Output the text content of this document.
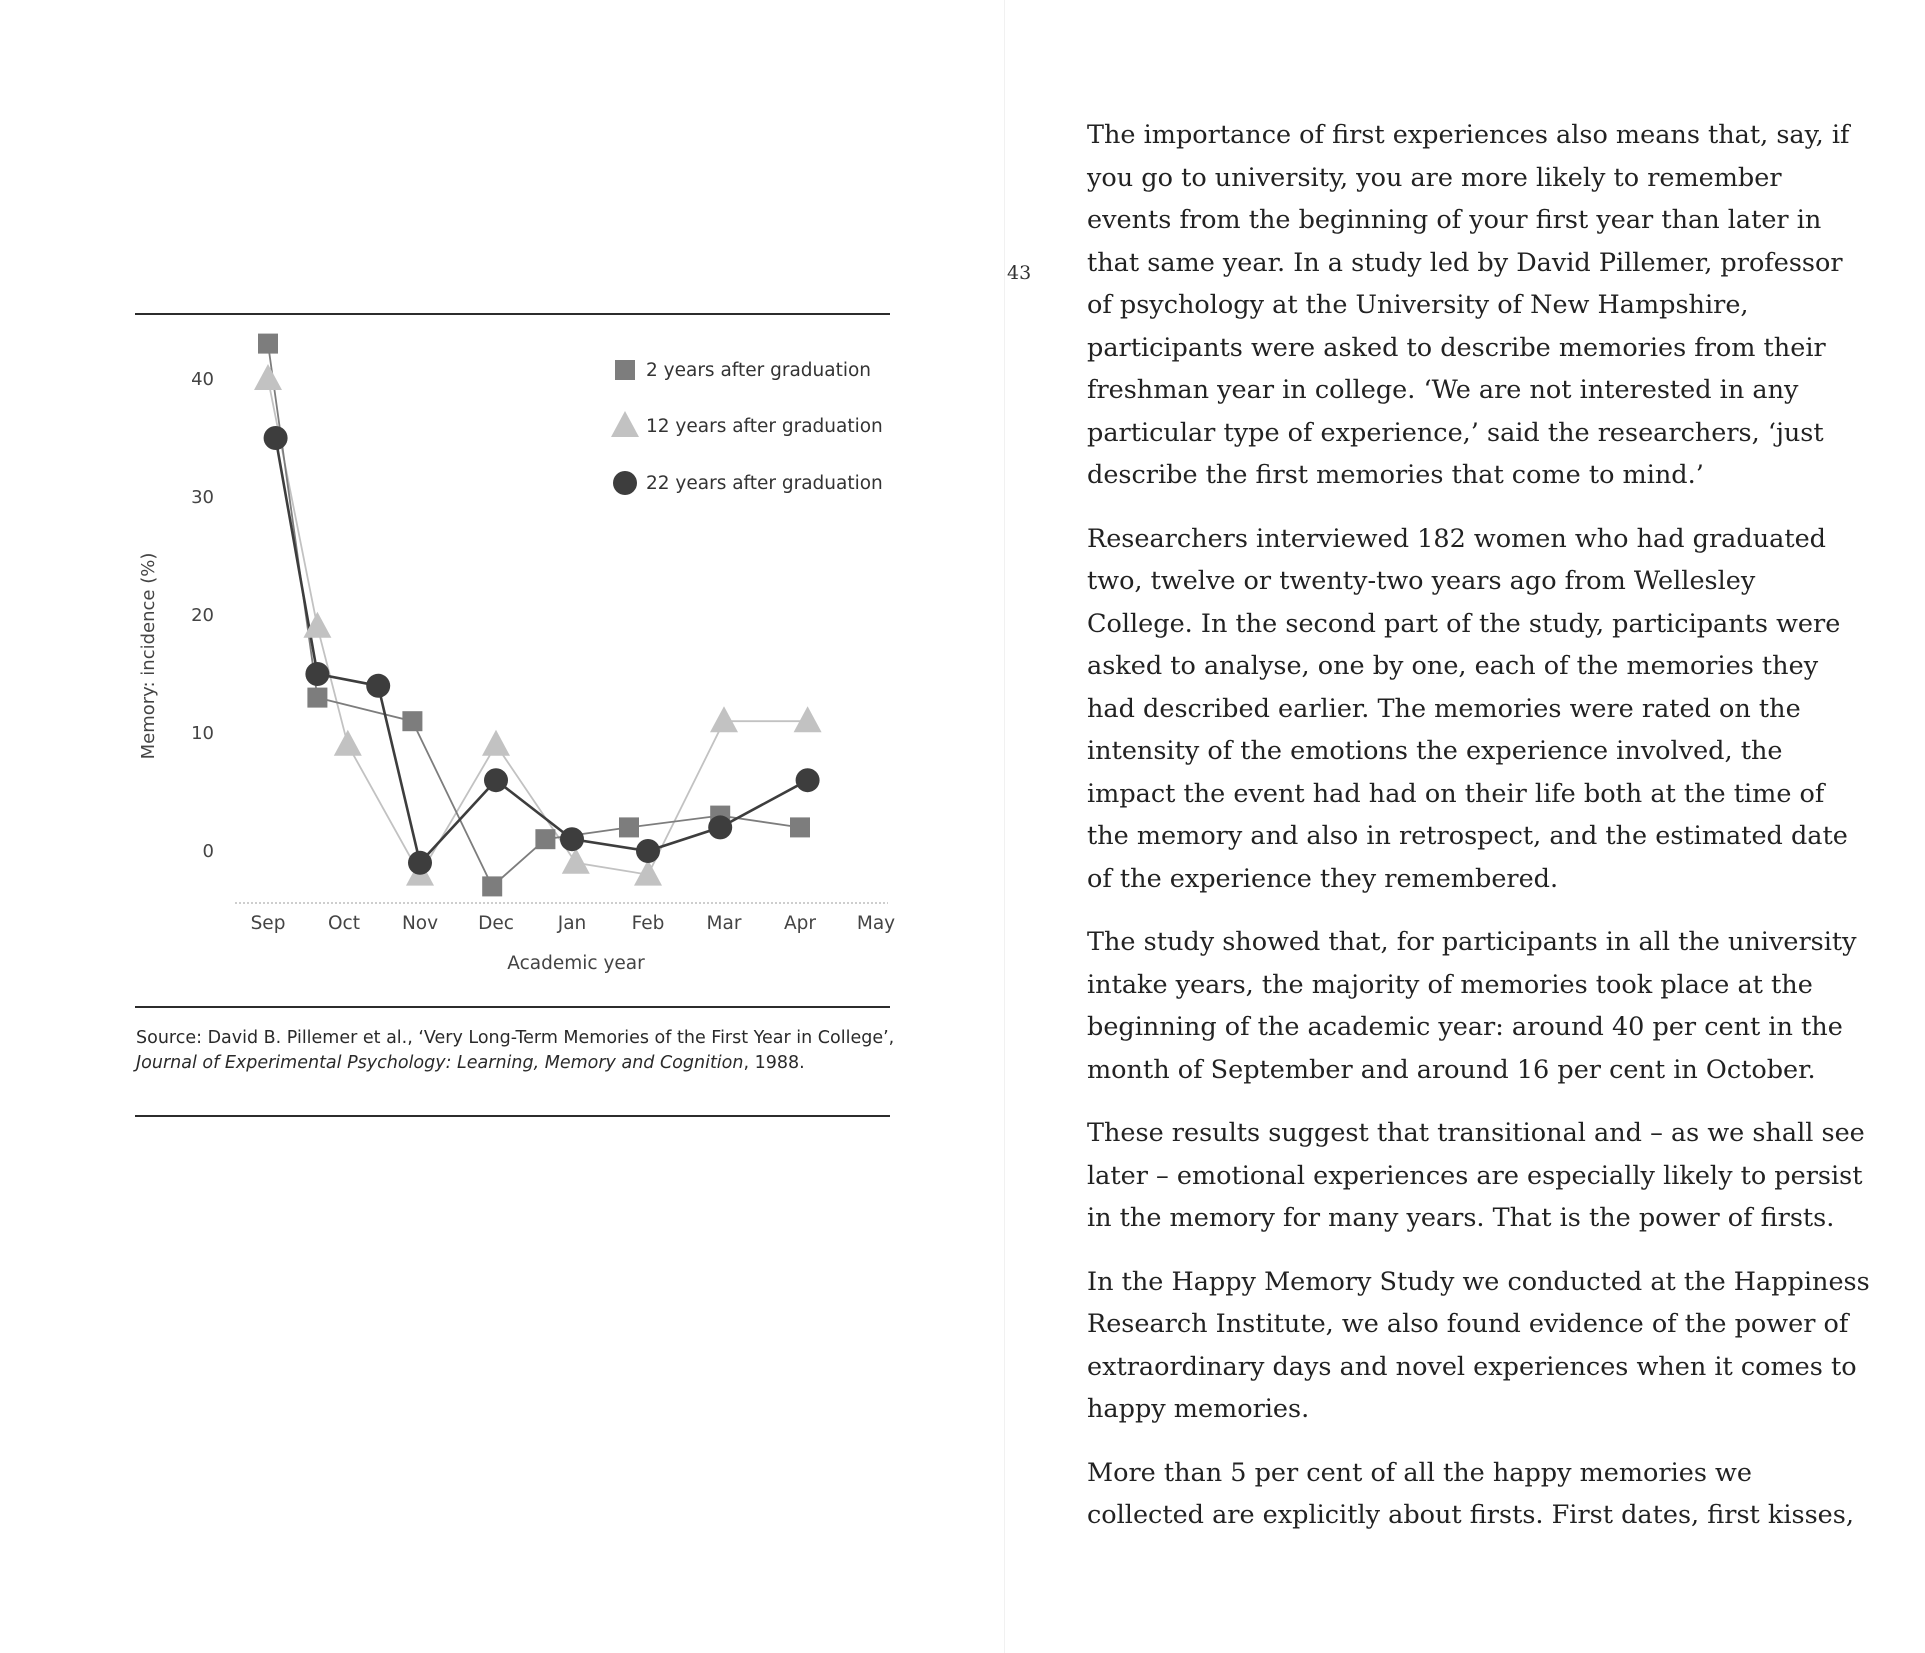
0
10
20
30
40
Memory: incidence (%)
Sep Oct Nov Dec Jan Feb Mar Apr May
Academic year
2 years after graduation
12 years after graduation
22 years after graduation
Source: David B. Pillemer et al., ‘Very Long-Term Memories of the First Year in College’,
Journal of Experimental Psychology: Learning, Memory and Cognition, 1988.
43

The importance of first experiences also means that, say, if
you go to university, you are more likely to remember
events from the beginning of your first year than later in
that same year. In a study led by David Pillemer, professor
of psychology at the University of New Hampshire,
participants were asked to describe memories from their
freshman year in college. ‘We are not interested in any
particular type of experience,’ said the researchers, ‘just
describe the first memories that come to mind.’

Researchers interviewed 182 women who had graduated
two, twelve or twenty-two years ago from Wellesley
College. In the second part of the study, participants were
asked to analyse, one by one, each of the memories they
had described earlier. The memories were rated on the
intensity of the emotions the experience involved, the
impact the event had had on their life both at the time of
the memory and also in retrospect, and the estimated date
of the experience they remembered.

The study showed that, for participants in all the university
intake years, the majority of memories took place at the
beginning of the academic year: around 40 per cent in the
month of September and around 16 per cent in October.

These results suggest that transitional and – as we shall see
later – emotional experiences are especially likely to persist
in the memory for many years. That is the power of firsts.

In the Happy Memory Study we conducted at the Happiness
Research Institute, we also found evidence of the power of
extraordinary days and novel experiences when it comes to
happy memories.

More than 5 per cent of all the happy memories we
collected are explicitly about firsts. First dates, first kisses,
